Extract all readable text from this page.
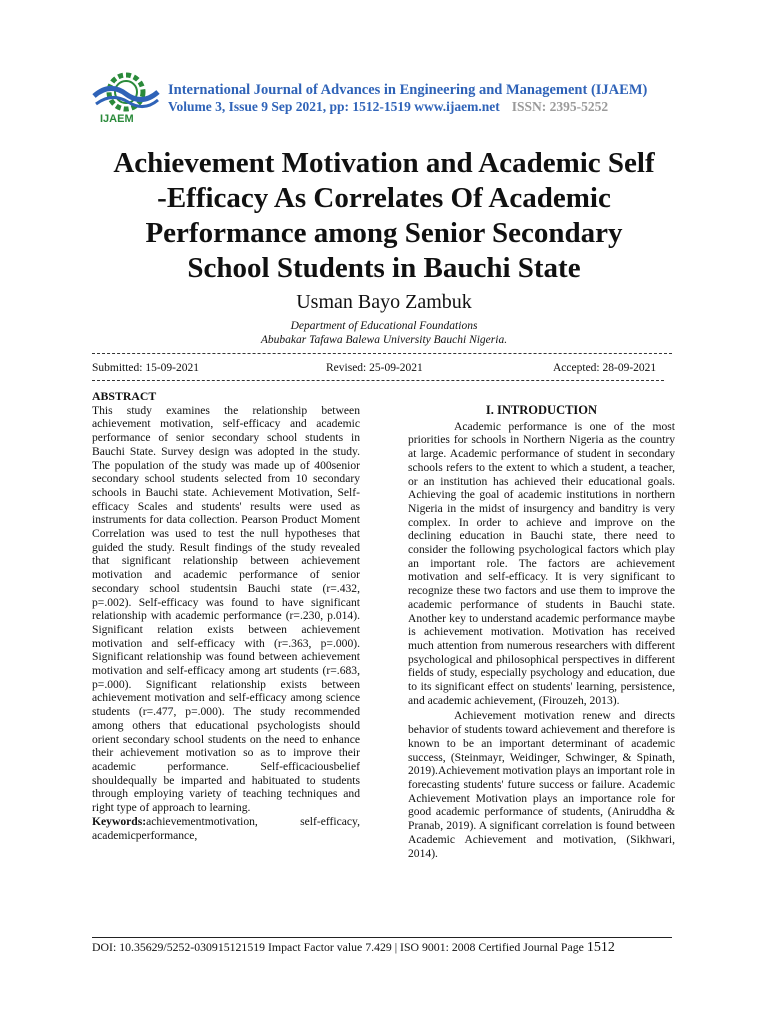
IJAEM
International Journal of Advances in Engineering and Management (IJAEM)
Volume 3, Issue 9 Sep 2021, pp: 1512-1519 www.ijaem.net ISSN: 2395-5252
Achievement Motivation and Academic Self
-Efficacy As Correlates Of Academic
Performance among Senior Secondary
School Students in Bauchi State
Usman Bayo Zambuk
Department of Educational Foundations
Abubakar Tafawa Balewa University Bauchi Nigeria.
Submitted: 15-09-2021	Revised: 25-09-2021	Accepted: 28-09-2021

ABSTRACT

This study examines the relationship between achievement motivation, self-efficacy and academic performance of senior secondary school students in Bauchi State. Survey design was adopted in the study. The population of the study was made up of 400senior secondary school students selected from 10 secondary schools in Bauchi state. Achievement Motivation, Self-efficacy Scales and students' results were used as instruments for data collection. Pearson Product Moment Correlation was used to test the null hypotheses that guided the study. Result findings of the study revealed that significant relationship between achievement motivation and academic performance of senior secondary school studentsin Bauchi state (r=.432, p=.002). Self-efficacy was found to have significant relationship with academic performance (r=.230, p.014). Significant relation exists between achievement motivation and self-efficacy with (r=.363, p=.000). Significant relationship was found between achievement motivation and self-efficacy among art students (r=.683, p=.000). Significant relationship exists between achievement motivation and self-efficacy among science students (r=.477, p=.000). The study recommended among others that educational psychologists should orient secondary school students on the need to enhance their achievement motivation so as to improve their academic performance. Self-efficaciousbelief shouldequally be imparted and habituated to students through employing variety of teaching techniques and right type of approach to learning.

Keywords:achievementmotivation, self-efficacy, academicperformance,

I. INTRODUCTION

Academic performance is one of the most priorities for schools in Northern Nigeria as the country at large. Academic performance of student in secondary schools refers to the extent to which a student, a teacher, or an institution has achieved their educational goals. Achieving the goal of academic institutions in northern Nigeria in the midst of insurgency and banditry is very complex. In order to achieve and improve on the declining education in Bauchi state, there need to consider the following psychological factors which play an important role. The factors are achievement motivation and self-efficacy. It is very significant to recognize these two factors and use them to improve the academic performance of students in Bauchi state. Another key to understand academic performance maybe is achievement motivation. Motivation has received much attention from numerous researchers with different psychological and philosophical perspectives in different fields of study, especially psychology and education, due to its significant effect on students' learning, persistence, and academic achievement, (Firouzeh, 2013).

Achievement motivation renew and directs behavior of students toward achievement and therefore is known to be an important determinant of academic success, (Steinmayr, Weidinger, Schwinger, & Spinath, 2019).Achievement motivation plays an important role in forecasting students' future success or failure. Academic Achievement Motivation plays an importance role for good academic performance of students, (Aniruddha & Pranab, 2019). A significant correlation is found between Academic Achievement and motivation, (Sikhwari, 2014).

DOI: 10.35629/5252-030915121519 Impact Factor value 7.429 | ISO 9001: 2008 Certified Journal Page 1512
